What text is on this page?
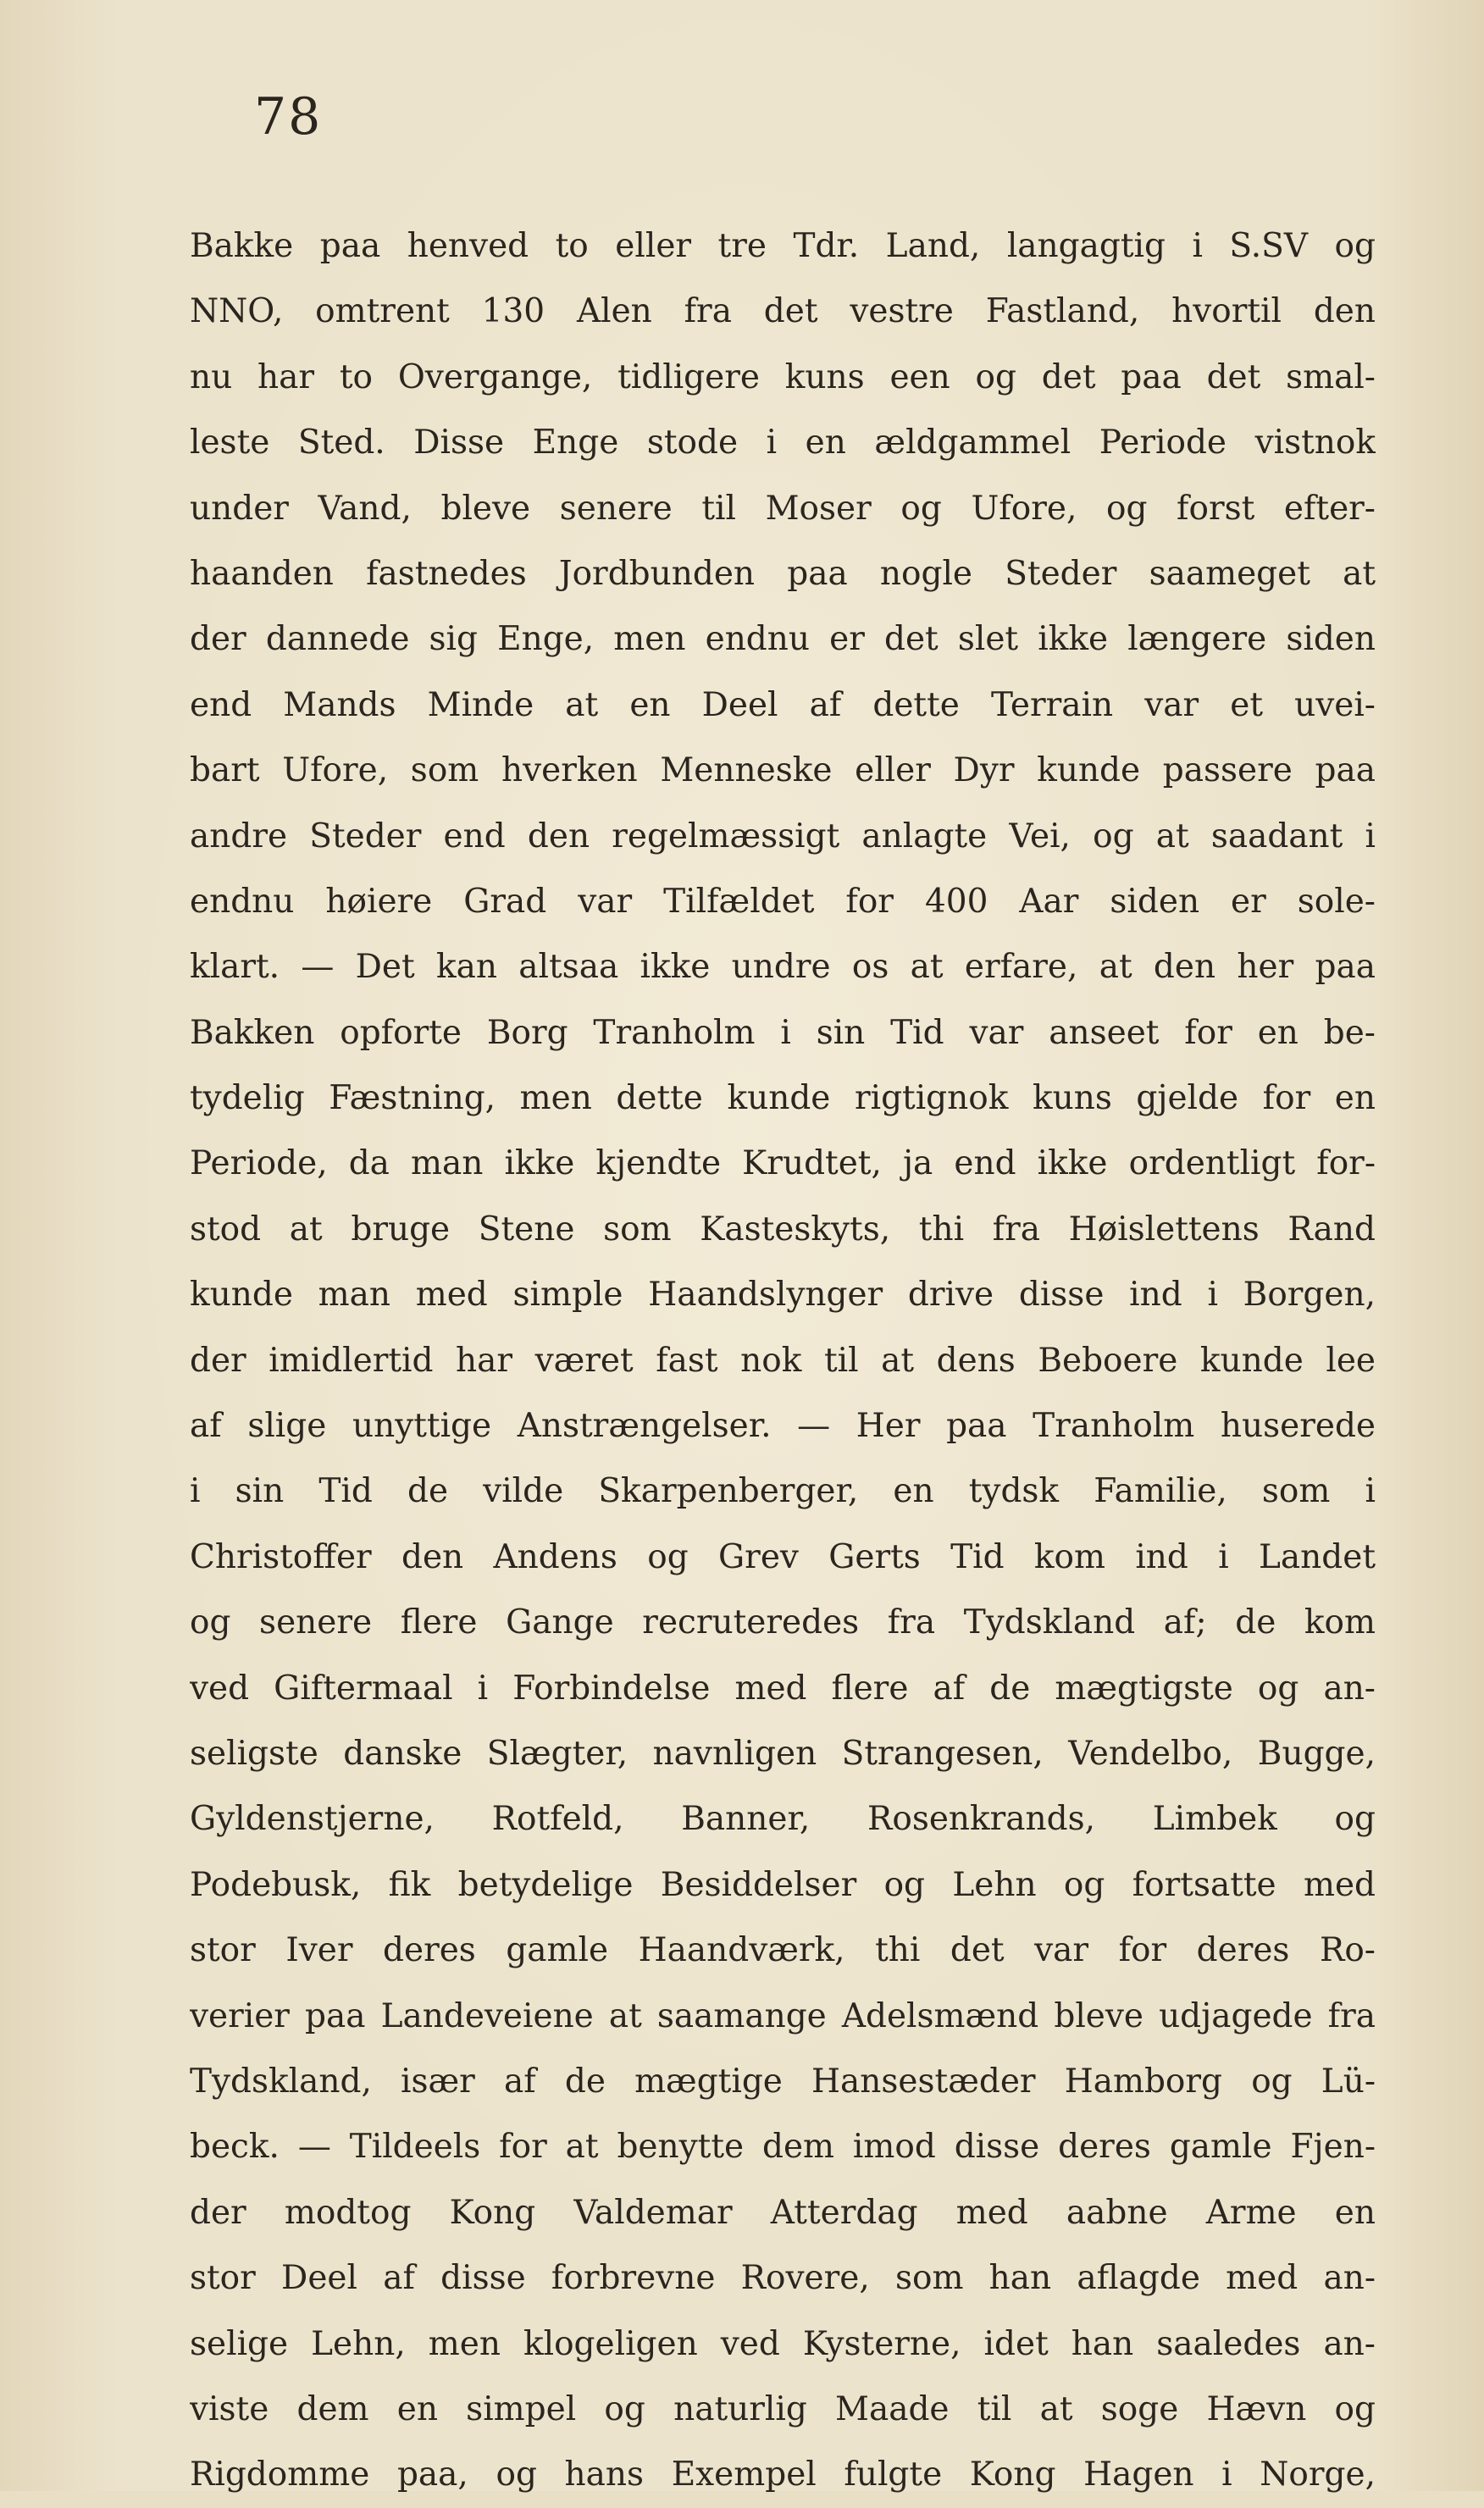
78
Bakke paa henved to eller tre Tdr. Land, langagtig i S.SV og
NNO, omtrent 130 Alen fra det vestre Fastland, hvortil den
nu har to Overgange, tidligere kuns een og det paa det smal-
leste Sted. Disse Enge stode i en ældgammel Periode vistnok
under Vand, bleve senere til Moser og Ufore, og forst efter-
haanden fastnedes Jordbunden paa nogle Steder saameget at
der dannede sig Enge, men endnu er det slet ikke længere siden
end Mands Minde at en Deel af dette Terrain var et uvei-
bart Ufore, som hverken Menneske eller Dyr kunde passere paa
andre Steder end den regelmæssigt anlagte Vei, og at saadant i
endnu høiere Grad var Tilfældet for 400 Aar siden er sole-
klart. — Det kan altsaa ikke undre os at erfare, at den her paa
Bakken opforte Borg Tranholm i sin Tid var anseet for en be-
tydelig Fæstning, men dette kunde rigtignok kuns gjelde for en
Periode, da man ikke kjendte Krudtet, ja end ikke ordentligt for-
stod at bruge Stene som Kasteskyts, thi fra Høislettens Rand
kunde man med simple Haandslynger drive disse ind i Borgen,
der imidlertid har været fast nok til at dens Beboere kunde lee
af slige unyttige Anstrængelser. — Her paa Tranholm huserede
i sin Tid de vilde Skarpenberger, en tydsk Familie, som i
Christoffer den Andens og Grev Gerts Tid kom ind i Landet
og senere flere Gange recruteredes fra Tydskland af; de kom
ved Giftermaal i Forbindelse med flere af de mægtigste og an-
seligste danske Slægter, navnligen Strangesen, Vendelbo, Bugge,
Gyldenstjerne, Rotfeld, Banner, Rosenkrands, Limbek og
Podebusk, fik betydelige Besiddelser og Lehn og fortsatte med
stor Iver deres gamle Haandværk, thi det var for deres Ro-
verier paa Landeveiene at saamange Adelsmænd bleve udjagede fra
Tydskland, især af de mægtige Hansestæder Hamborg og Lü-
beck. — Tildeels for at benytte dem imod disse deres gamle Fjen-
der modtog Kong Valdemar Atterdag med aabne Arme en
stor Deel af disse forbrevne Rovere, som han aflagde med an-
selige Lehn, men klogeligen ved Kysterne, idet han saaledes an-
viste dem en simpel og naturlig Maade til at soge Hævn og
Rigdomme paa, og hans Exempel fulgte Kong Hagen i Norge,
